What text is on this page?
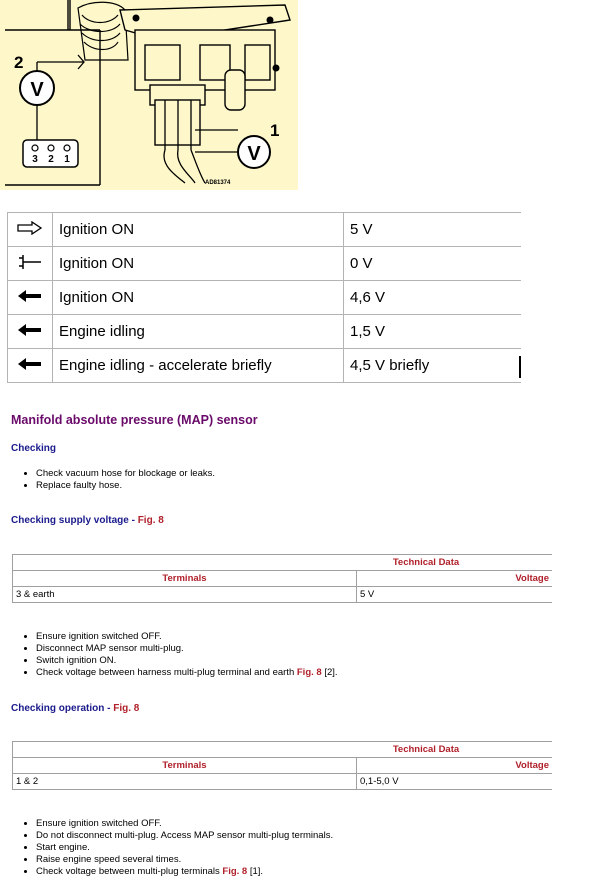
V
1
V
2
3 2 1
AD81374
	Ignition ON	5 V
	Ignition ON	0 V
	Ignition ON	4,6 V
	Engine idling	1,5 V
	Engine idling - accelerate briefly	4,5 V briefly
Manifold absolute pressure (MAP) sensor
Checking
• Check vacuum hose for blockage or leaks.
• Replace faulty hose.
Checking supply voltage - Fig. 8
Technical Data	
Terminals	Voltage
3 & earth	5 V
• Ensure ignition switched OFF.
• Disconnect MAP sensor multi-plug.
• Switch ignition ON.
• Check voltage between harness multi-plug terminal and earth Fig. 8 [2].
Checking operation - Fig. 8
Technical Data	
Terminals	Voltage
1 & 2	0,1-5,0 V
• Ensure ignition switched OFF.
• Do not disconnect multi-plug. Access MAP sensor multi-plug terminals.
• Start engine.
• Raise engine speed several times.
• Check voltage between multi-plug terminals Fig. 8 [1].
